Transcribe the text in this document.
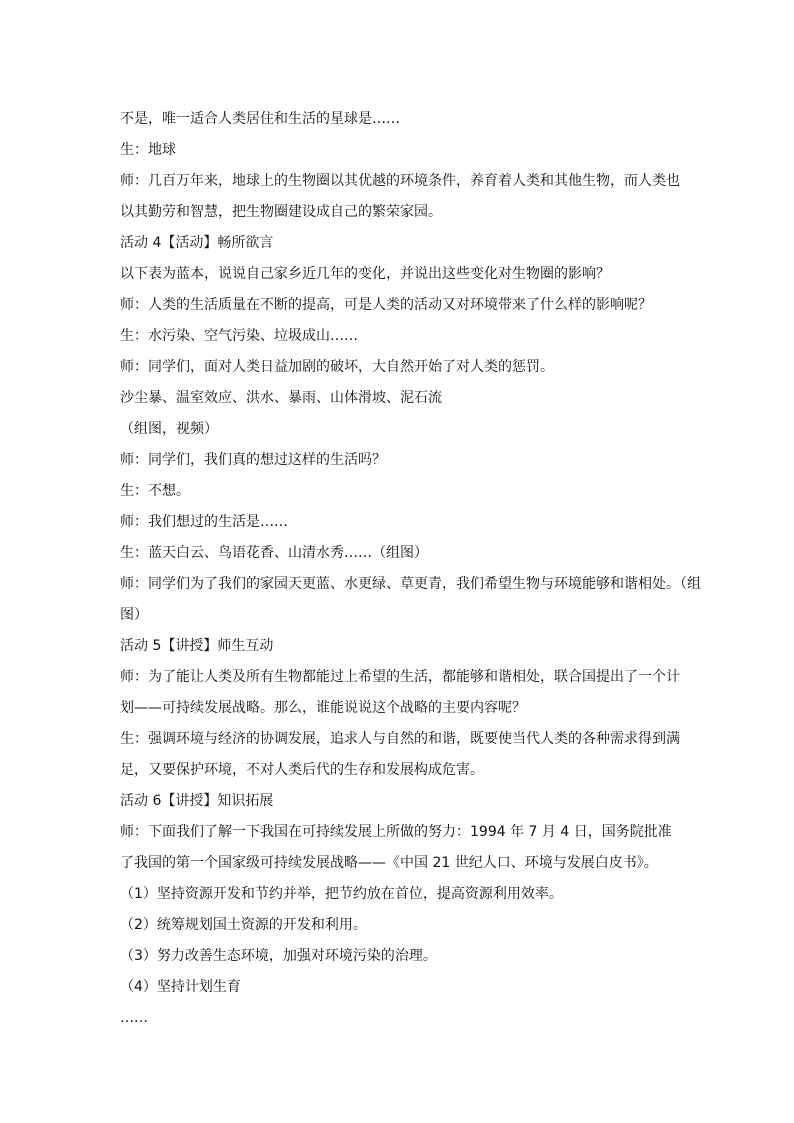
不是，唯一适合人类居住和生活的星球是……
生：地球
师：几百万年来，地球上的生物圈以其优越的环境条件，养育着人类和其他生物，而人类也
以其勤劳和智慧，把生物圈建设成自己的繁荣家园。
活动 4【活动】畅所欲言
以下表为蓝本，说说自己家乡近几年的变化，并说出这些变化对生物圈的影响？
师：人类的生活质量在不断的提高，可是人类的活动又对环境带来了什么样的影响呢？
生：水污染、空气污染、垃圾成山……
师：同学们，面对人类日益加剧的破坏，大自然开始了对人类的惩罚。
沙尘暴、温室效应、洪水、暴雨、山体滑坡、泥石流
（组图，视频）
师：同学们，我们真的想过这样的生活吗？
生：不想。
师：我们想过的生活是……
生：蓝天白云、鸟语花香、山清水秀……（组图）
师：同学们为了我们的家园天更蓝、水更绿、草更青，我们希望生物与环境能够和谐相处。（组
图）
活动 5【讲授】师生互动
师：为了能让人类及所有生物都能过上希望的生活，都能够和谐相处，联合国提出了一个计
划——可持续发展战略。那么，谁能说说这个战略的主要内容呢？
生：强调环境与经济的协调发展，追求人与自然的和谐，既要使当代人类的各种需求得到满
足，又要保护环境，不对人类后代的生存和发展构成危害。
活动 6【讲授】知识拓展
师：下面我们了解一下我国在可持续发展上所做的努力：1994 年 7 月 4 日，国务院批准
了我国的第一个国家级可持续发展战略——《中国 21 世纪人口、环境与发展白皮书》。
（1）坚持资源开发和节约并举，把节约放在首位，提高资源利用效率。
（2）统筹规划国土资源的开发和利用。
（3）努力改善生态环境，加强对环境污染的治理。
（4）坚持计划生育
……
